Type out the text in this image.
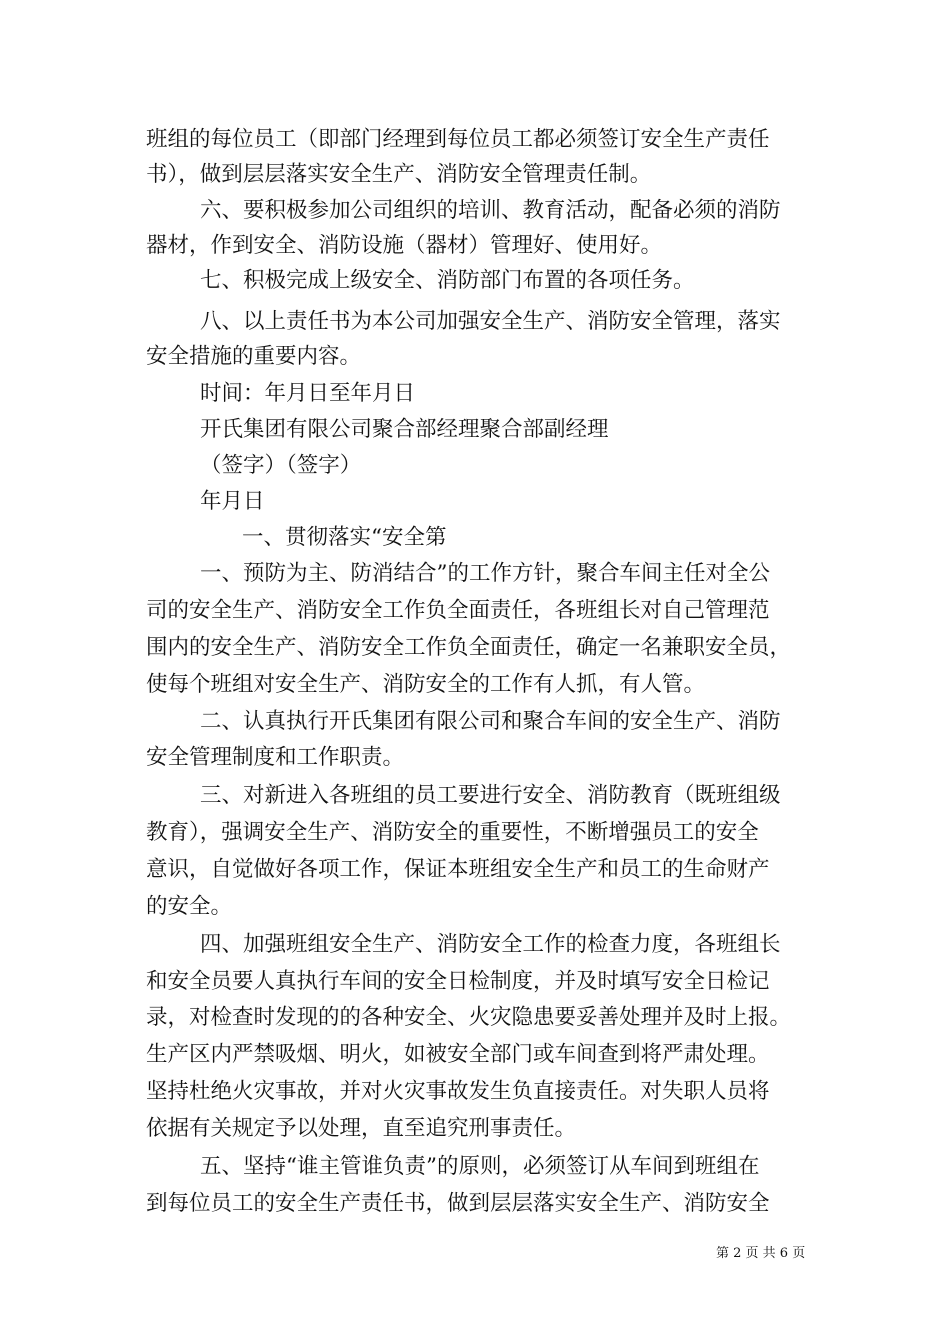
班组的每位员工（即部门经理到每位员工都必须签订安全生产责任
书），做到层层落实安全生产、消防安全管理责任制。
六、要积极参加公司组织的培训、教育活动，配备必须的消防
器材，作到安全、消防设施（器材）管理好、使用好。
七、积极完成上级安全、消防部门布置的各项任务。
八、以上责任书为本公司加强安全生产、消防安全管理，落实
安全措施的重要内容。
时间：年月日至年月日
开氏集团有限公司聚合部经理聚合部副经理
（签字）（签字）
年月日
一、贯彻落实“安全第
一、预防为主、防消结合”的工作方针，聚合车间主任对全公
司的安全生产、消防安全工作负全面责任，各班组长对自己管理范
围内的安全生产、消防安全工作负全面责任，确定一名兼职安全员，
使每个班组对安全生产、消防安全的工作有人抓，有人管。
二、认真执行开氏集团有限公司和聚合车间的安全生产、消防
安全管理制度和工作职责。
三、对新进入各班组的员工要进行安全、消防教育（既班组级
教育），强调安全生产、消防安全的重要性，不断增强员工的安全
意识，自觉做好各项工作，保证本班组安全生产和员工的生命财产
的安全。
四、加强班组安全生产、消防安全工作的检查力度，各班组长
和安全员要人真执行车间的安全日检制度，并及时填写安全日检记
录，对检查时发现的的各种安全、火灾隐患要妥善处理并及时上报。
生产区内严禁吸烟、明火，如被安全部门或车间查到将严肃处理。
坚持杜绝火灾事故，并对火灾事故发生负直接责任。对失职人员将
依据有关规定予以处理，直至追究刑事责任。
五、坚持“谁主管谁负责”的原则，必须签订从车间到班组在
到每位员工的安全生产责任书，做到层层落实安全生产、消防安全
第 2 页 共 6 页
